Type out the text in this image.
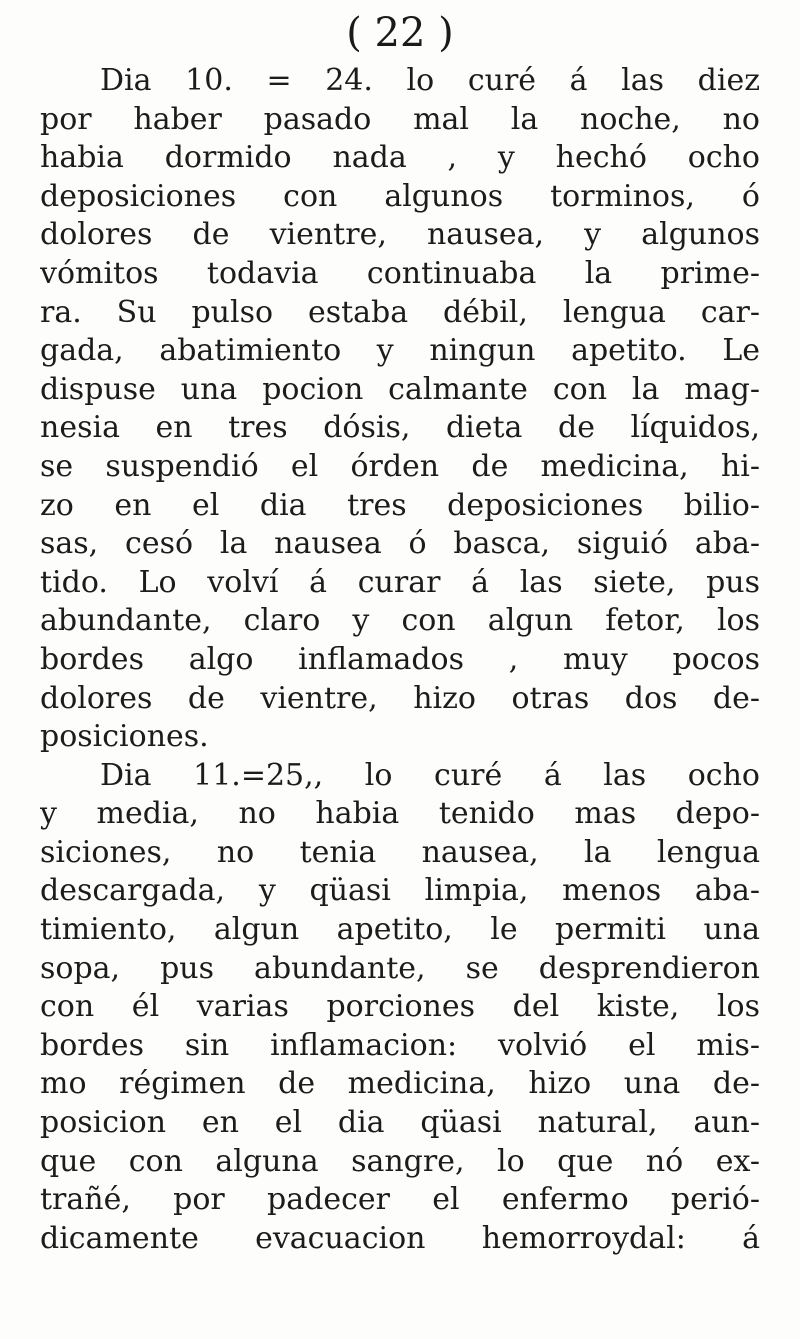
( 22 )
Dia 10. = 24. lo curé á las diez
por haber pasado mal la noche, no
habia dormido nada , y hechó ocho
deposiciones con algunos torminos, ó
dolores de vientre, nausea, y algunos
vómitos todavia continuaba la prime-
ra. Su pulso estaba débil, lengua car-
gada, abatimiento y ningun apetito. Le
dispuse una pocion calmante con la mag-
nesia en tres dósis, dieta de líquidos,
se suspendió el órden de medicina, hi-
zo en el dia tres deposiciones bilio-
sas, cesó la nausea ó basca, siguió aba-
tido. Lo volví á curar á las siete, pus
abundante, claro y con algun fetor, los
bordes algo inflamados , muy pocos
dolores de vientre, hizo otras dos de-
posiciones.
Dia 11.=25,, lo curé á las ocho
y media, no habia tenido mas depo-
siciones, no tenia nausea, la lengua
descargada, y qüasi limpia, menos aba-
timiento, algun apetito, le permiti una
sopa, pus abundante, se desprendieron
con él varias porciones del kiste, los
bordes sin inflamacion: volvió el mis-
mo régimen de medicina, hizo una de-
posicion en el dia qüasi natural, aun-
que con alguna sangre, lo que nó ex-
trañé, por padecer el enfermo perió-
dicamente evacuacion hemorroydal: á
